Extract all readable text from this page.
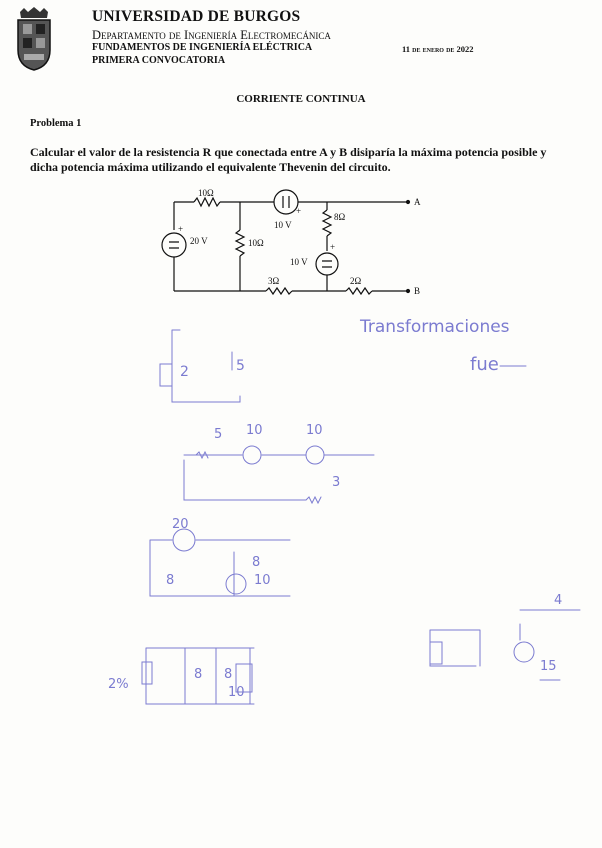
UNIVERSIDAD DE BURGOS
Departamento de Ingeniería Electromecánica
FUNDAMENTOS DE INGENIERÍA ELÉCTRICA	11 de enero de 2022
PRIMERA CONVOCATORIA
CORRIENTE CONTINUA
Problema 1
Calcular el valor de la resistencia R que conectada entre A y B disiparía la máxima potencia posible y dicha potencia máxima utilizando el equivalente Thevenin del circuito.
10Ω
20 V
+
10Ω
10 V
+
8Ω
10 V
+
3Ω	2Ω
A
B
Transformaciones
fue
2	5
5 10	10
3
20
8
8
10
2%
8 8
10
4
15
